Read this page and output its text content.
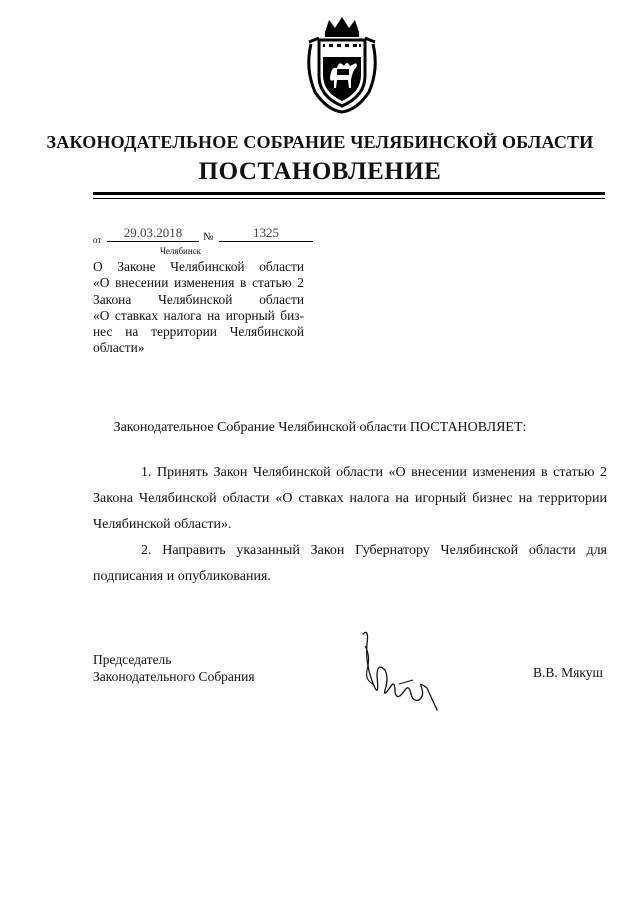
ЗАКОНОДАТЕЛЬНОЕ СОБРАНИЕ ЧЕЛЯБИНСКОЙ ОБЛАСТИ
ПОСТАНОВЛЕНИЕ
от	29.03.2018	№	1325
Челябинск
О Законе Челябинской области
«О внесении изменения в статью 2
Закона Челябинской области
«О ставках налога на игорный биз-
нес на территории Челябинской
области»
Законодательное Собрание Челябинской области ПОСТАНОВЛЯЕТ:
1. Принять Закон Челябинской области «О внесении изменения в статью 2 Закона Челябинской области «О ставках налога на игорный бизнес на территории Челябинской области».
2. Направить указанный Закон Губернатору Челябинской области для подписания и опубликования.
Председатель
Законодательного Собрания	В.В. Мякуш
